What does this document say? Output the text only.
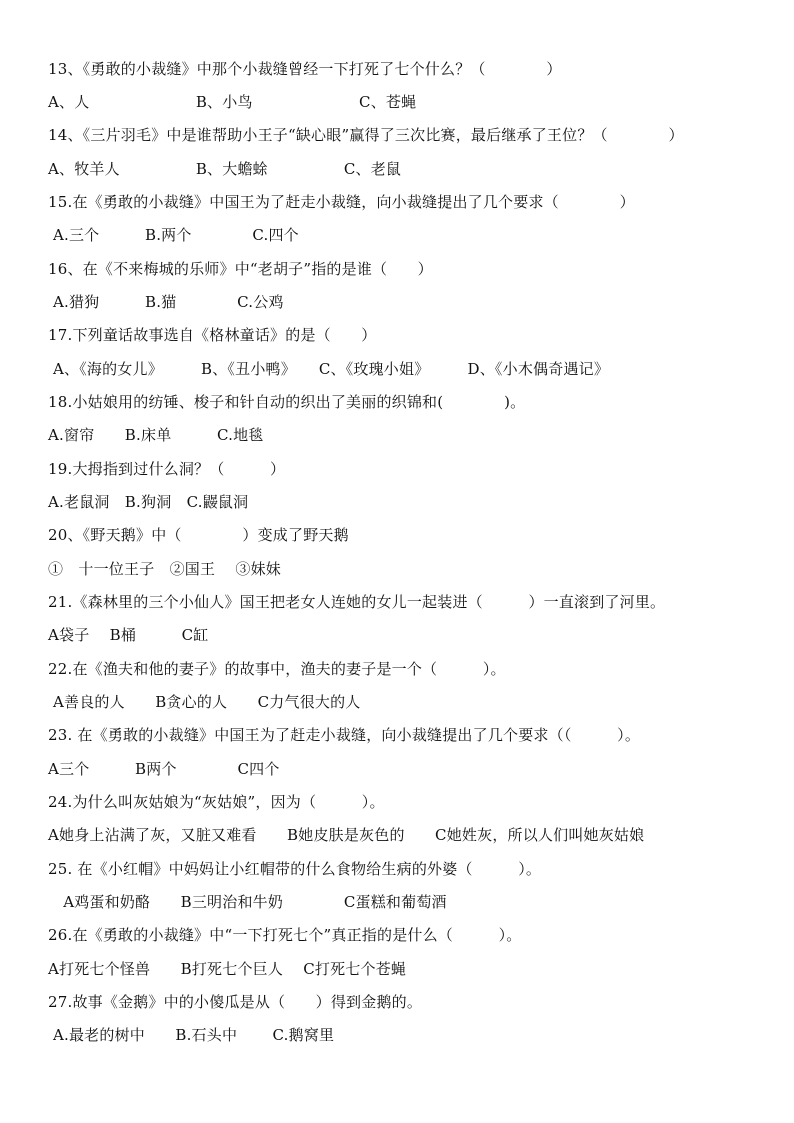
13、《勇敢的小裁缝》中那个小裁缝曾经一下打死了七个什么？（　　　　）
A、人　　　　　　　B、小鸟　　　　　　　C、苍蝇
14、《三片羽毛》中是谁帮助小王子“缺心眼”赢得了三次比赛，最后继承了王位？（　　　　）
A、牧羊人　　　　　B、大蟾蜍　　　　　C、老鼠
15.在《勇敢的小裁缝》中国王为了赶走小裁缝，向小裁缝提出了几个要求（　　　　）
A.三个　　　B.两个　　　　C.四个
16、在《不来梅城的乐师》中“老胡子”指的是谁（　　）
A.猎狗　　　B.猫　　　　C.公鸡
17.下列童话故事选自《格林童话》的是（　　）
A、《海的女儿》　　　B、《丑小鸭》　　C、《玫瑰小姐》　　　D、《小木偶奇遇记》
18.小姑娘用的纺锤、梭子和针自动的织出了美丽的织锦和(　　　　)。
A.窗帘　　B.床单　　　C.地毯
19.大拇指到过什么洞？（　　　）
A.老鼠洞　B.狗洞　C.鼹鼠洞
20、《野天鹅》中（　　　　）变成了野天鹅
①　十一位王子　②国王　 ③妹妹
21.《森林里的三个小仙人》国王把老女人连她的女儿一起装进（　　　）一直滚到了河里。
A袋子　 B桶　　　C缸
22.在《渔夫和他的妻子》的故事中，渔夫的妻子是一个（　　　）。
A善良的人　　B贪心的人　　C力气很大的人
23. 在《勇敢的小裁缝》中国王为了赶走小裁缝，向小裁缝提出了几个要求（（　　　）。
A三个　　　B两个　　　　C四个
24.为什么叫灰姑娘为“灰姑娘”，因为（　　　）。
A她身上沾满了灰，又脏又难看　　B她皮肤是灰色的　　C她姓灰，所以人们叫她灰姑娘
25. 在《小红帽》中妈妈让小红帽带的什么食物给生病的外婆（　　　）。
　A鸡蛋和奶酪　　B三明治和牛奶　　　　C蛋糕和葡萄酒
26.在《勇敢的小裁缝》中“一下打死七个”真正指的是什么（　　　）。
A打死七个怪兽　　B打死七个巨人　 C打死七个苍蝇
27.故事《金鹅》中的小傻瓜是从（　　）得到金鹅的。
A.最老的树中　　B.石头中　　 C.鹅窝里
